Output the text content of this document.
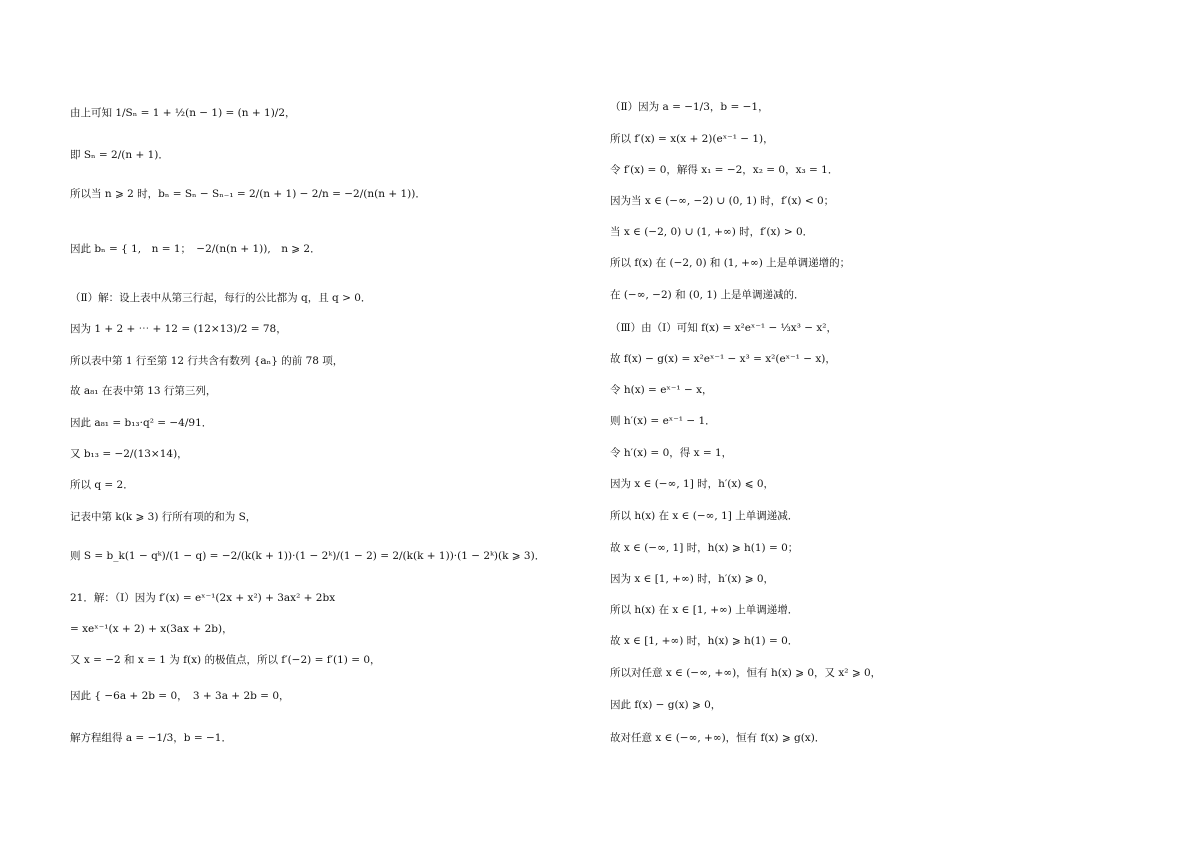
由上可知 1/Sₙ = 1 + ½(n − 1) = (n + 1)/2，
即 Sₙ = 2/(n + 1)．
所以当 n ⩾ 2 时，bₙ = Sₙ − Sₙ₋₁ = 2/(n + 1) − 2/n = −2/(n(n + 1))．
因此 bₙ = { 1,　n = 1；　−2/(n(n + 1)),　n ⩾ 2．
（Ⅱ）解：设上表中从第三行起，每行的公比都为 q，且 q > 0．
因为 1 + 2 + ⋯ + 12 = (12×13)/2 = 78，
所以表中第 1 行至第 12 行共含有数列 {aₙ} 的前 78 项，
故 a₈₁ 在表中第 13 行第三列，
因此 a₈₁ = b₁₃·q² = −4/91．
又 b₁₃ = −2/(13×14)，
所以 q = 2．
记表中第 k(k ⩾ 3) 行所有项的和为 S，
则 S = b_k(1 − qᵏ)/(1 − q) = −2/(k(k + 1))·(1 − 2ᵏ)/(1 − 2) = 2/(k(k + 1))·(1 − 2ᵏ)(k ⩾ 3)．
21．解：（Ⅰ）因为 f′(x) = eˣ⁻¹(2x + x²) + 3ax² + 2bx
= xeˣ⁻¹(x + 2) + x(3ax + 2b)，
又 x = −2 和 x = 1 为 f(x) 的极值点，所以 f′(−2) = f′(1) = 0，
因此 { −6a + 2b = 0，　3 + 3a + 2b = 0，
解方程组得 a = −1/3，b = −1．
（Ⅱ）因为 a = −1/3，b = −1，
所以 f′(x) = x(x + 2)(eˣ⁻¹ − 1)，
令 f′(x) = 0，解得 x₁ = −2，x₂ = 0，x₃ = 1．
因为当 x ∈ (−∞, −2) ∪ (0, 1) 时，f′(x) < 0；
当 x ∈ (−2, 0) ∪ (1, +∞) 时，f′(x) > 0．
所以 f(x) 在 (−2, 0) 和 (1, +∞) 上是单调递增的；
在 (−∞, −2) 和 (0, 1) 上是单调递减的．
（Ⅲ）由（Ⅰ）可知 f(x) = x²eˣ⁻¹ − ⅓x³ − x²，
故 f(x) − g(x) = x²eˣ⁻¹ − x³ = x²(eˣ⁻¹ − x)，
令 h(x) = eˣ⁻¹ − x，
则 h′(x) = eˣ⁻¹ − 1．
令 h′(x) = 0，得 x = 1，
因为 x ∈ (−∞, 1] 时，h′(x) ⩽ 0，
所以 h(x) 在 x ∈ (−∞, 1] 上单调递减．
故 x ∈ (−∞, 1] 时，h(x) ⩾ h(1) = 0；
因为 x ∈ [1, +∞) 时，h′(x) ⩾ 0，
所以 h(x) 在 x ∈ [1, +∞) 上单调递增．
故 x ∈ [1, +∞) 时，h(x) ⩾ h(1) = 0．
所以对任意 x ∈ (−∞, +∞)，恒有 h(x) ⩾ 0，又 x² ⩾ 0，
因此 f(x) − g(x) ⩾ 0，
故对任意 x ∈ (−∞, +∞)，恒有 f(x) ⩾ g(x)．
